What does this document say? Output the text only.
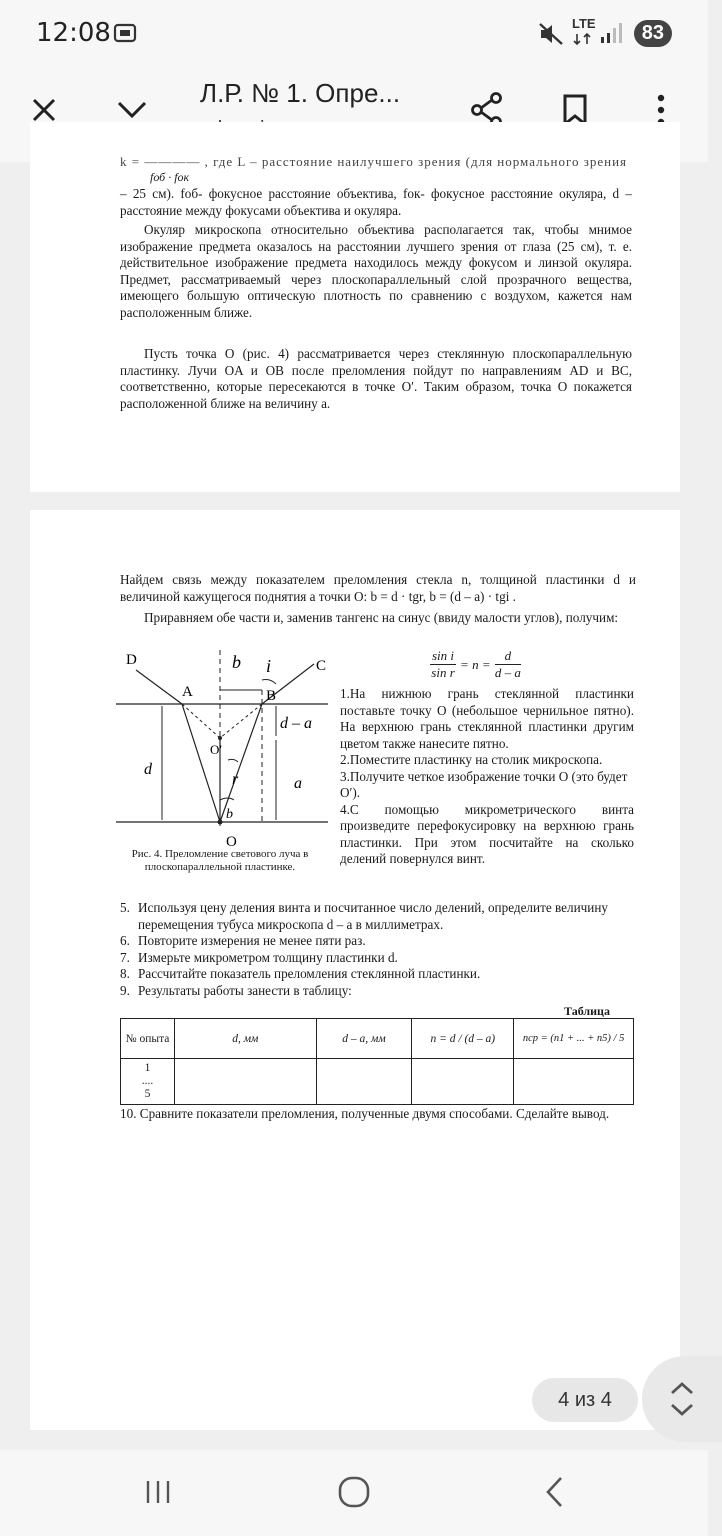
12:08	LTE	83
Л.Р. № 1. Опре...
k = ———— , где L – расстояние наилучшего зрения (для нормального зрения
fоб · fок
– 25 см). fоб- фокусное расстояние объектива, fок- фокусное расстояние окуляра, d – расстояние между фокусами объектива и окуляра.
Окуляр микроскопа относительно объектива располагается так, чтобы мнимое изображение предмета оказалось на расстоянии лучшего зрения от глаза (25 см), т. е. действительное изображение предмета находилось между фокусом и линзой окуляра. Предмет, рассматриваемый через плоскопараллельный слой прозрачного вещества, имеющего большую оптическую плотность по сравнению с воздухом, кажется нам расположенным ближе.
Пусть точка O (рис. 4) рассматривается через стеклянную плоскопараллельную пластинку. Лучи OA и OB после преломления пойдут по направлениям AD и BC, соответственно, которые пересекаются в точке O′. Таким образом, точка O покажется расположенной ближе на величину a.
Найдем связь между показателем преломления стекла n, толщиной пластинки d и величиной кажущегося поднятия a точки O: b = d · tgr, b = (d – a) · tgi .
Приравняем обе части и, заменив тангенс на синус (ввиду малости углов), получим:
$\frac{\text{sin i}}{\text{sin r}} = n = \frac{d}{d - a}$
D	b i	C
A	B
d – a
O′
d
r	a
b
O
Рис. 4. Преломление светового луча в плоскопараллельной пластинке.
1.На нижнюю грань стеклянной пластинки поставьте точку O (небольшое чернильное пятно). На верхнюю грань стеклянной пластинки другим цветом также нанесите пятно.
2.Поместите пластинку на столик микроскопа.
3.Получите четкое изображение точки O (это будет O′).
4.С помощью микрометрического винта произведите перефокусировку на верхнюю грань пластинки. При этом посчитайте на сколько делений повернулся винт.
5. Используя цену деления винта и посчитанное число делений, определите величину перемещения тубуса микроскопа d – a в миллиметрах.
6. Повторите измерения не менее пяти раз.
7. Измерьте микрометром толщину пластинки d.
8. Рассчитайте показатель преломления стеклянной пластинки.
9. Результаты работы занести в таблицу:
Таблица
№ опыта	d, мм	d – a, мм	n = d / (d – a)	nср = (n1 + ... + n5) / 5

1
....
5				

10. Сравните показатели преломления, полученные двумя способами. Сделайте вывод.
4 из 4
